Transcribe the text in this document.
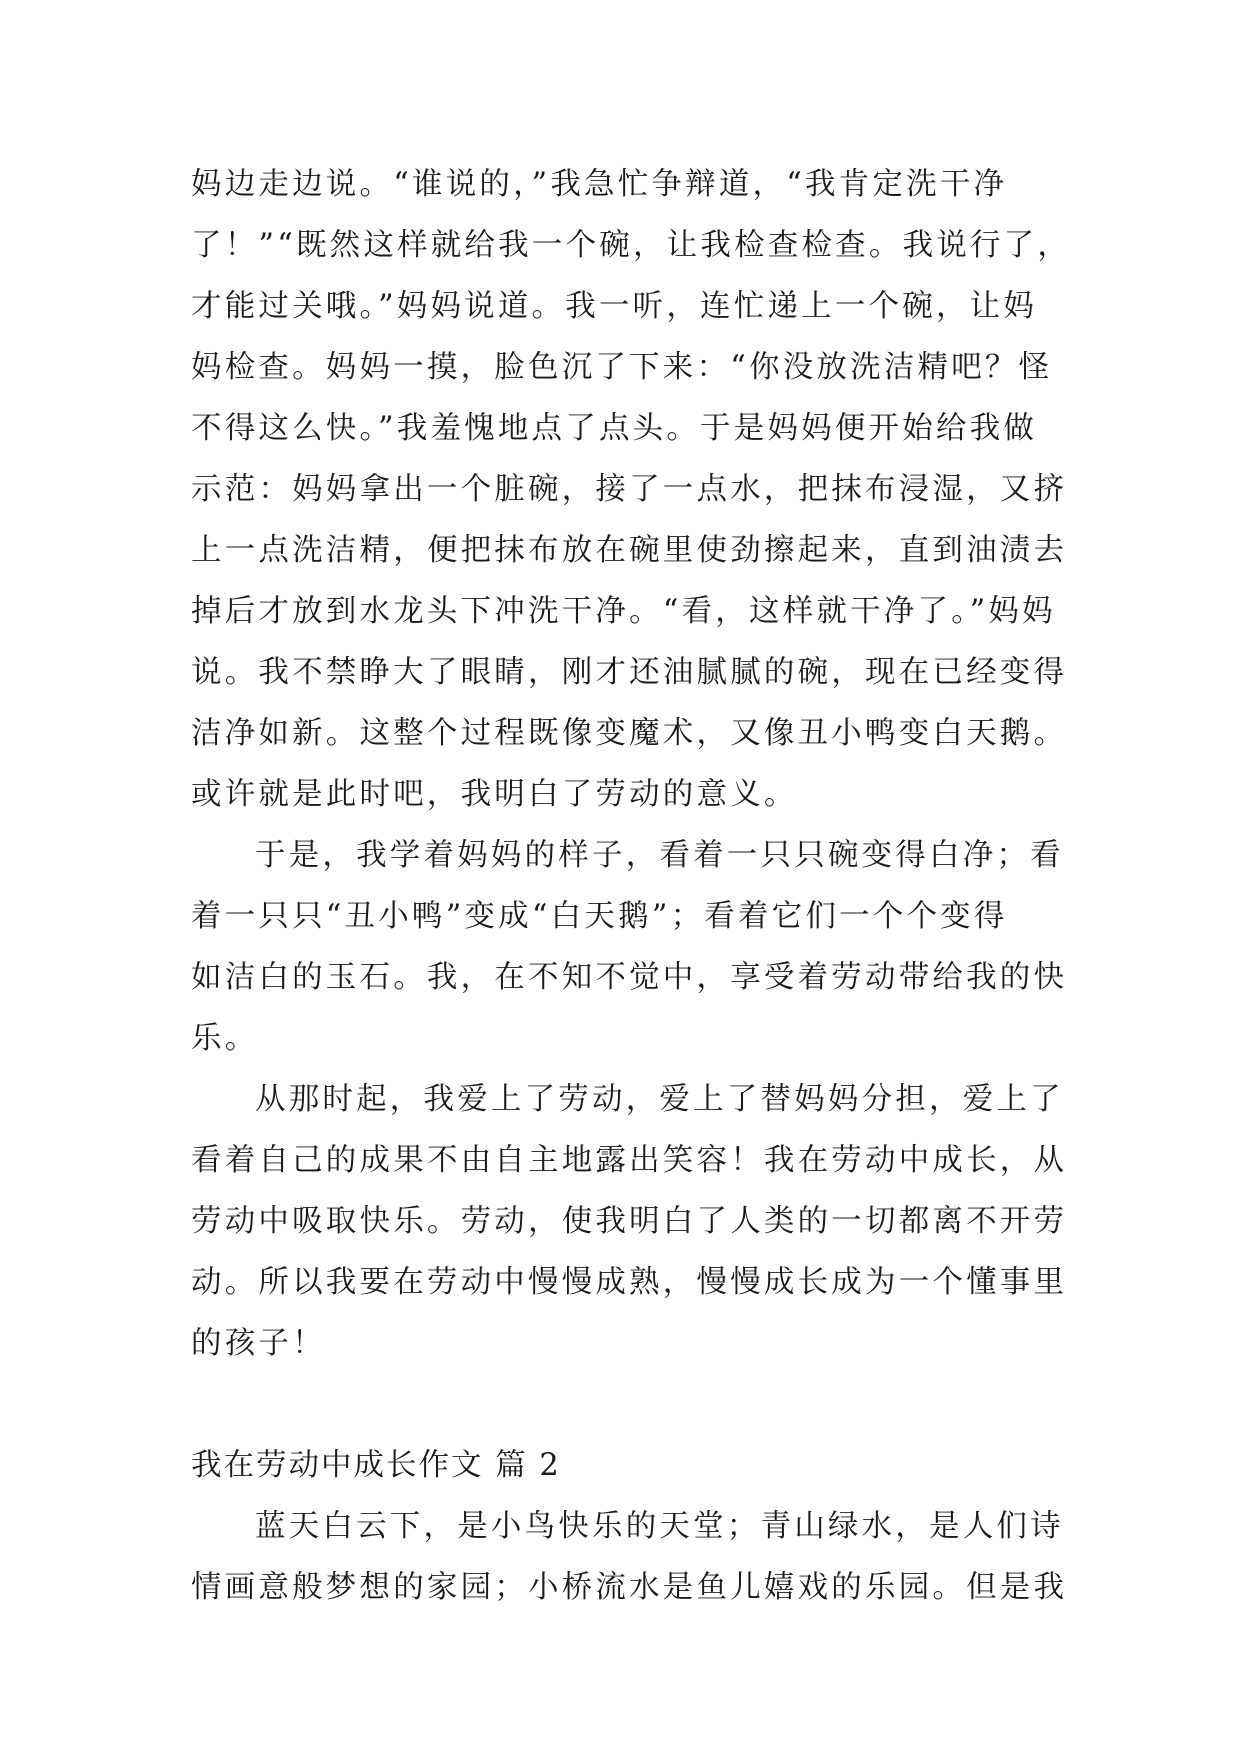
妈边走边说。“谁说的，”我急忙争辩道，“我肯定洗干净
了！”“既然这样就给我一个碗，让我检查检查。我说行了，
才能过关哦。”妈妈说道。我一听，连忙递上一个碗，让妈
妈检查。妈妈一摸，脸色沉了下来：“你没放洗洁精吧？怪
不得这么快。”我羞愧地点了点头。于是妈妈便开始给我做
示范：妈妈拿出一个脏碗，接了一点水，把抹布浸湿，又挤
上一点洗洁精，便把抹布放在碗里使劲擦起来，直到油渍去
掉后才放到水龙头下冲洗干净。“看，这样就干净了。”妈妈
说。我不禁睁大了眼睛，刚才还油腻腻的碗，现在已经变得
洁净如新。这整个过程既像变魔术，又像丑小鸭变白天鹅。
或许就是此时吧，我明白了劳动的意义。
于是，我学着妈妈的样子，看着一只只碗变得白净；看
着一只只“丑小鸭”变成“白天鹅”；看着它们一个个变得
如洁白的玉石。我，在不知不觉中，享受着劳动带给我的快
乐。
从那时起，我爱上了劳动，爱上了替妈妈分担，爱上了
看着自己的成果不由自主地露出笑容！我在劳动中成长，从
劳动中吸取快乐。劳动，使我明白了人类的一切都离不开劳
动。所以我要在劳动中慢慢成熟，慢慢成长成为一个懂事里
的孩子！
我在劳动中成长作文 篇 2
蓝天白云下，是小鸟快乐的天堂；青山绿水，是人们诗
情画意般梦想的家园；小桥流水是鱼儿嬉戏的乐园。但是我
